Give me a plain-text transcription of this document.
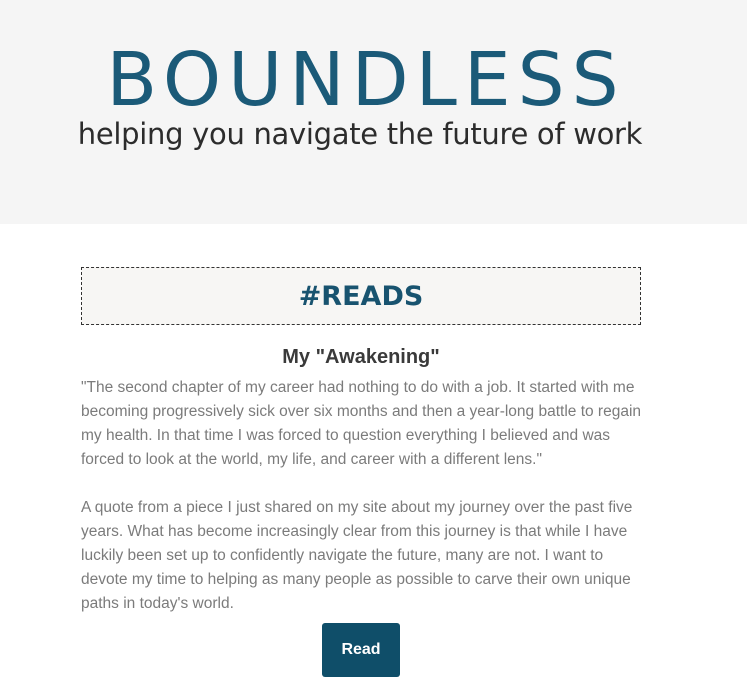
BOUNDLESS
helping you navigate the future of work
#READS
My "Awakening"

"The second chapter of my career had nothing to do with a job. It started with me becoming progressively sick over six months and then a year-long battle to regain my health. In that time I was forced to question everything I believed and was forced to look at the world, my life, and career with a different lens."

A quote from a piece I just shared on my site about my journey over the past five years. What has become increasingly clear from this journey is that while I have luckily been set up to confidently navigate the future, many are not. I want to devote my time to helping as many people as possible to carve their own unique paths in today's world.

Read
